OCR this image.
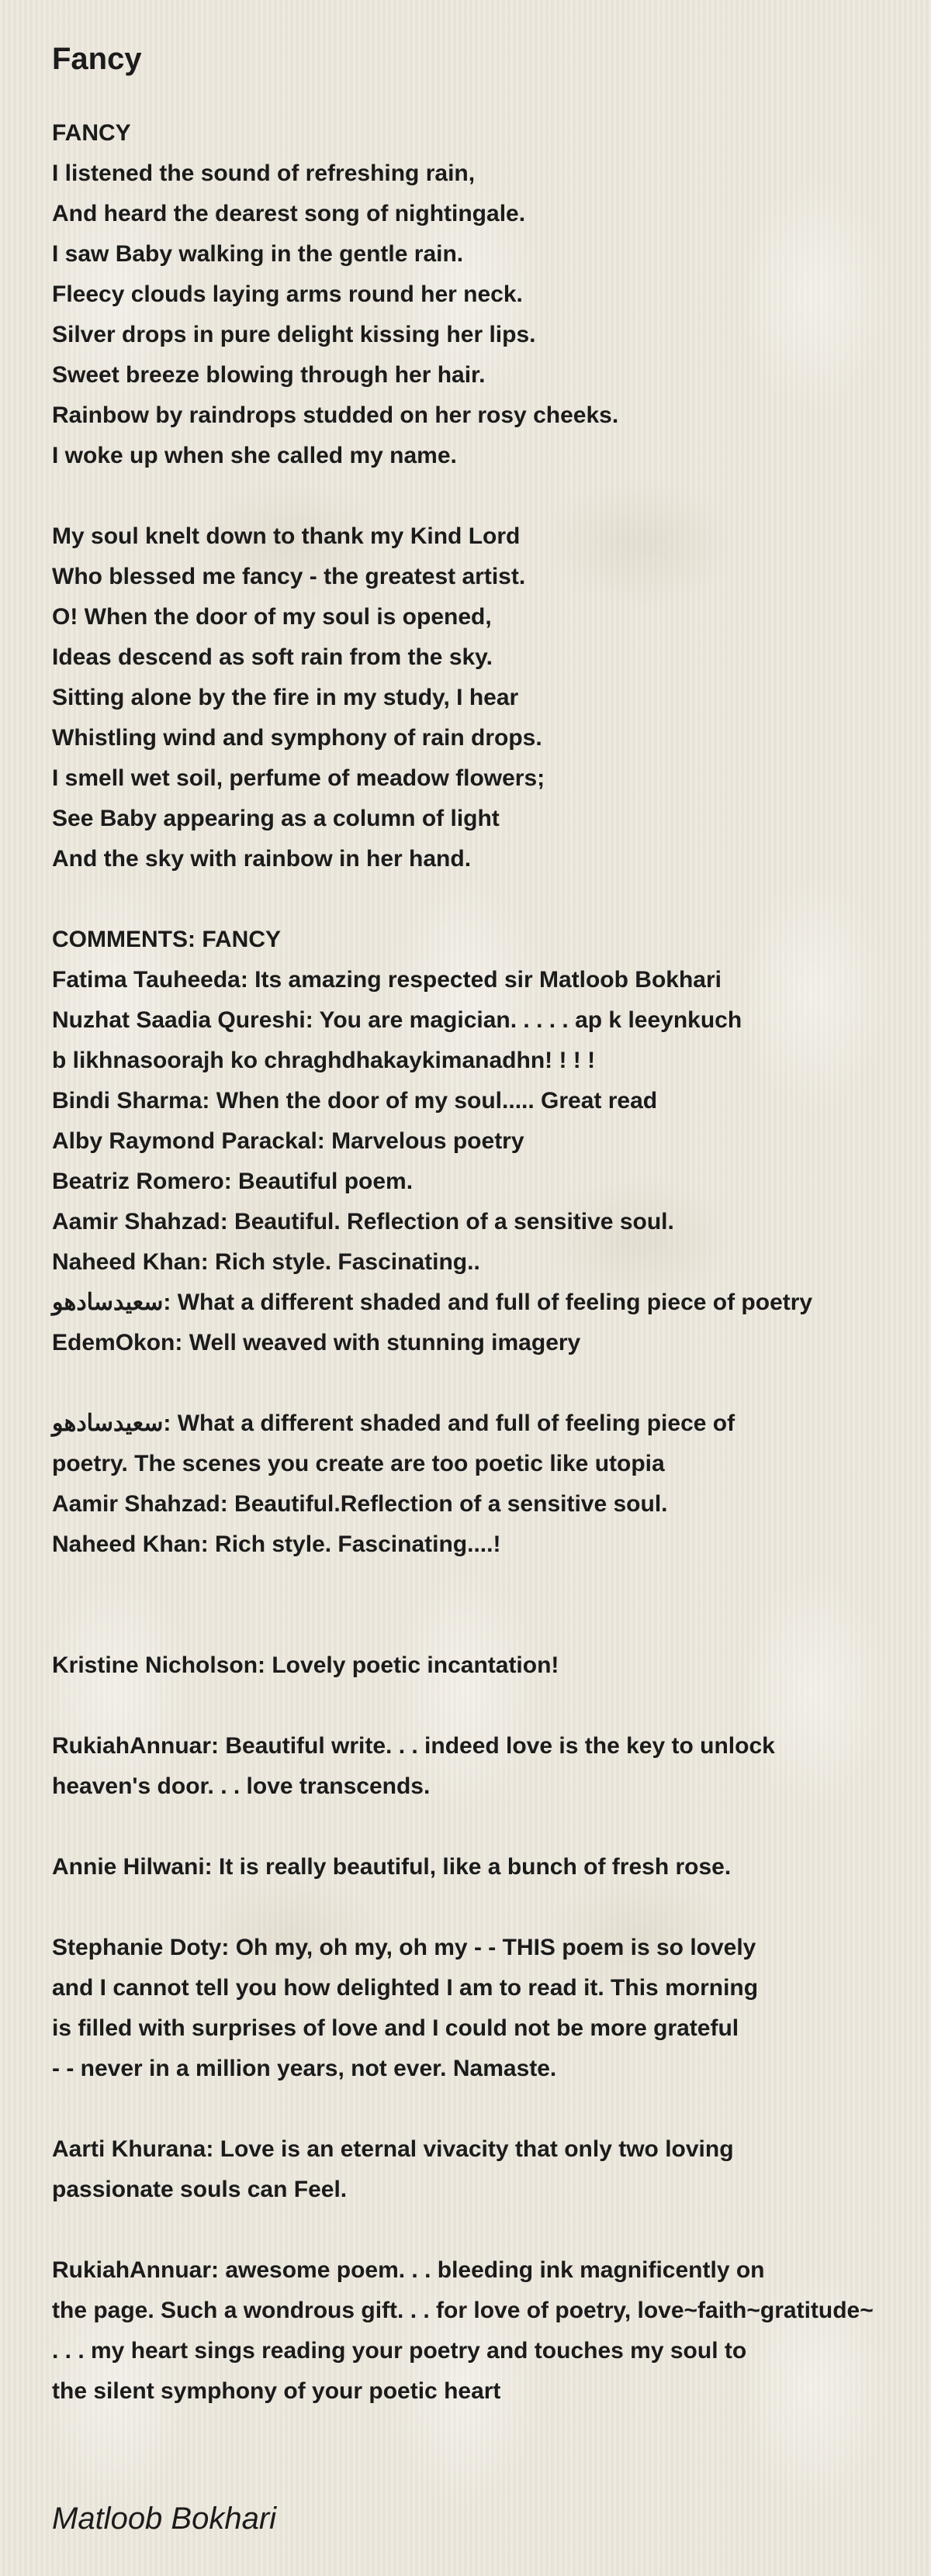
Fancy
FANCY
I listened the sound of refreshing rain,
And heard the dearest song of nightingale.
I saw Baby walking in the gentle rain.
Fleecy clouds laying arms round her neck.
Silver drops in pure delight kissing her lips.
Sweet breeze blowing through her hair.
Rainbow by raindrops studded on her rosy cheeks.
I woke up when she called my name.
My soul knelt down to thank my Kind Lord
Who blessed me fancy - the greatest artist.
O! When the door of my soul is opened,
Ideas descend as soft rain from the sky.
Sitting alone by the fire in my study, I hear
Whistling wind and symphony of rain drops.
I smell wet soil, perfume of meadow flowers;
See Baby appearing as a column of light
And the sky with rainbow in her hand.
COMMENTS: FANCY
Fatima Tauheeda: Its amazing respected sir Matloob Bokhari
Nuzhat Saadia Qureshi: You are magician. . . . . ap k leeynkuch
b likhnasoorajh ko chraghdhakaykimanadhn! ! ! !
Bindi Sharma: When the door of my soul..... Great read
Alby Raymond Parackal: Marvelous poetry
Beatriz Romero: Beautiful poem.
Aamir Shahzad: Beautiful. Reflection of a sensitive soul.
Naheed Khan: Rich style. Fascinating..
سعیدسادھو: What a different shaded and full of feeling piece of poetry
EdemOkon: Well weaved with stunning imagery
سعیدسادھو: What a different shaded and full of feeling piece of
poetry. The scenes you create are too poetic like utopia
Aamir Shahzad: Beautiful.Reflection of a sensitive soul.
Naheed Khan: Rich style. Fascinating....!
Kristine Nicholson: Lovely poetic incantation!
RukiahAnnuar: Beautiful write. . . indeed love is the key to unlock
heaven's door. . . love transcends.
Annie Hilwani: It is really beautiful, like a bunch of fresh rose.
Stephanie Doty: Oh my, oh my, oh my - - THIS poem is so lovely
and I cannot tell you how delighted I am to read it. This morning
is filled with surprises of love and I could not be more grateful
- - never in a million years, not ever. Namaste.
Aarti Khurana: Love is an eternal vivacity that only two loving
passionate souls can Feel.
RukiahAnnuar: awesome poem. . . bleeding ink magnificently on
the page. Such a wondrous gift. . . for love of poetry, love~faith~gratitude~
. . . my heart sings reading your poetry and touches my soul to
the silent symphony of your poetic heart
Matloob Bokhari
